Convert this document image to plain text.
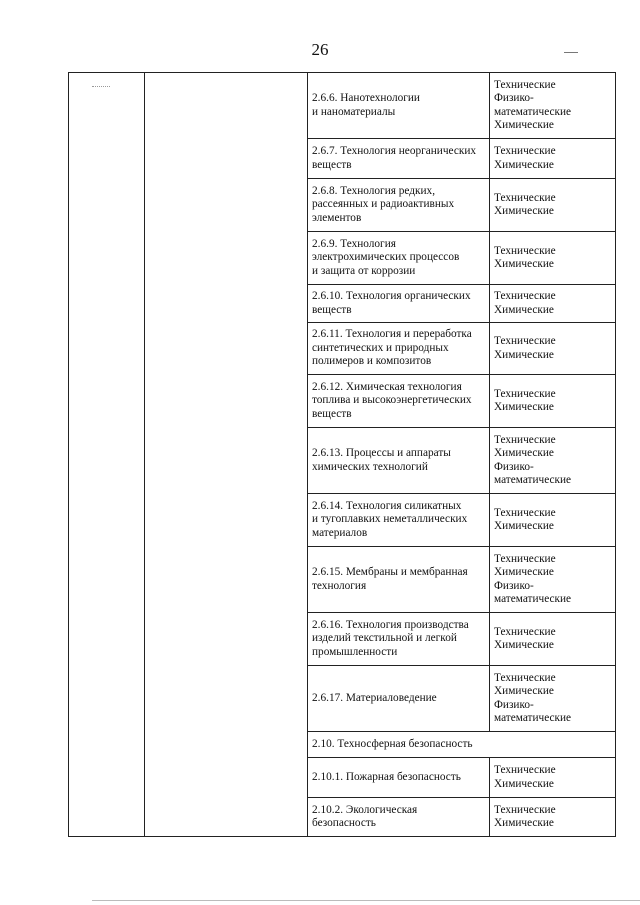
26

		2.6.6. Нанотехнологии
и наноматериалы	Технические
Физико-
математические
Химические

		2.6.7. Технология неорганических
веществ	Технические
Химические

		2.6.8. Технология редких,
рассеянных и радиоактивных
элементов	Технические
Химические

		2.6.9. Технология
электрохимических процессов
и защита от коррозии	Технические
Химические

		2.6.10. Технология органических
веществ	Технические
Химические

		2.6.11. Технология и переработка
синтетических и природных
полимеров и композитов	Технические
Химические

		2.6.12. Химическая технология
топлива и высокоэнергетических
веществ	Технические
Химические

		2.6.13. Процессы и аппараты
химических технологий	Технические
Химические
Физико-
математические

		2.6.14. Технология силикатных
и тугоплавких неметаллических
материалов	Технические
Химические

		2.6.15. Мембраны и мембранная
технология	Технические
Химические
Физико-
математические

		2.6.16. Технология производства
изделий текстильной и легкой
промышленности	Технические
Химические

		2.6.17. Материаловедение	Технические
Химические
Физико-
математические

		2.10. Техносферная безопасность	

		2.10.1. Пожарная безопасность	Технические
Химические

		2.10.2. Экологическая
безопасность	Технические
Химические
